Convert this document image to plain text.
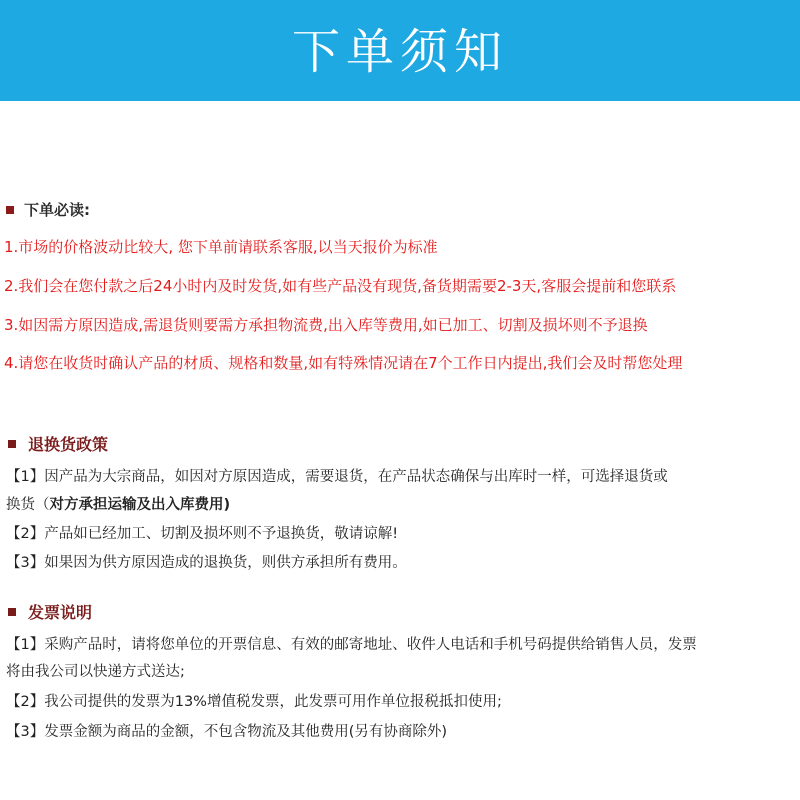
下单须知
下单必读:
1.市场的价格波动比较大, 您下单前请联系客服,以当天报价为标准
2.我们会在您付款之后24小时内及时发货,如有些产品没有现货,备货期需要2-3天,客服会提前和您联系
3.如因需方原因造成,需退货则要需方承担物流费,出入库等费用,如已加工、切割及损坏则不予退换
4.请您在收货时确认产品的材质、规格和数量,如有特殊情况请在7个工作日内提出,我们会及时帮您处理
退换货政策
【1】因产品为大宗商品，如因对方原因造成，需要退货，在产品状态确保与出库时一样，可选择退货或
换货（对方承担运输及出入库费用)
【2】产品如已经加工、切割及损坏则不予退换货，敬请谅解!
【3】如果因为供方原因造成的退换货，则供方承担所有费用。
发票说明
【1】采购产品时，请将您单位的开票信息、有效的邮寄地址、收件人电话和手机号码提供给销售人员，发票
将由我公司以快递方式送达;
【2】我公司提供的发票为13%增值税发票，此发票可用作单位报税抵扣使用;
【3】发票金额为商品的金额，不包含物流及其他费用(另有协商除外)
